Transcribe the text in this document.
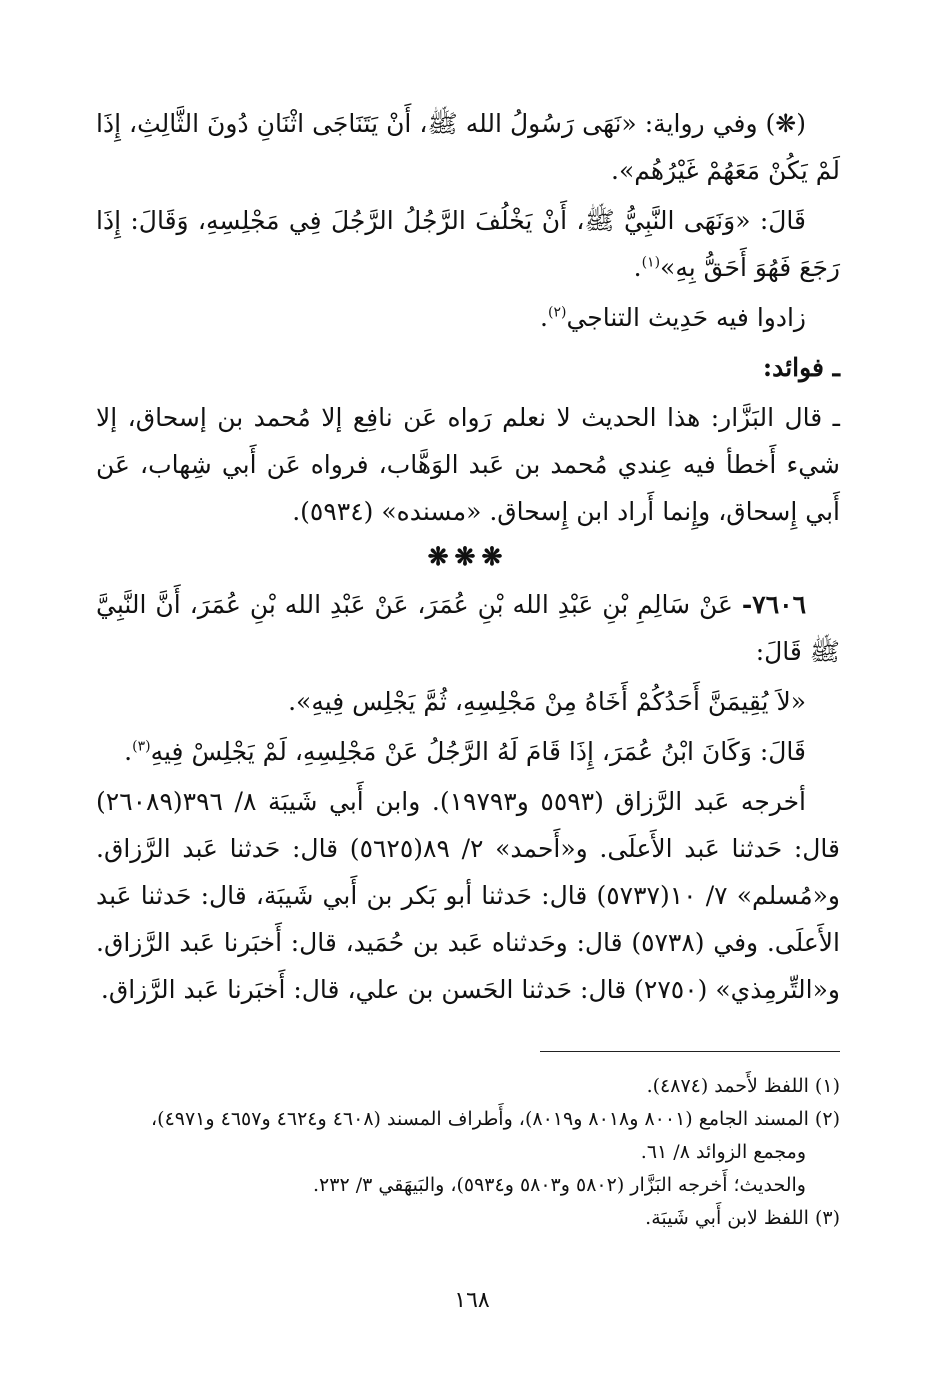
(❋) وفي رواية: «نَهَى رَسُولُ الله ﷺ، أَنْ يَتَنَاجَى اثْنَانِ دُونَ الثَّالِثِ، إِذَا لَمْ يَكُنْ مَعَهُمْ غَيْرُهُم».

قَالَ: «وَنَهَى النَّبِيُّ ﷺ، أَنْ يَخْلُفَ الرَّجُلُ الرَّجُلَ فِي مَجْلِسِهِ، وَقَالَ: إِذَا رَجَعَ فَهُوَ أَحَقُّ بِهِ»$^{(١)}$.

زادوا فيه حَدِيث التناجي$^{(٢)}$.

ـ فوائد:

ـ قال البَزَّار: هذا الحديث لا نعلم رَواه عَن نافِع إلا مُحمد بن إسحاق، إلا شيء أَخطأ فيه عِندي مُحمد بن عَبد الوَهَّاب، فرواه عَن أَبي شِهاب، عَن أَبي إِسحاق، وإِنما أَراد ابن إِسحاق. «مسنده» (٥٩٣٤).

❋❋❋

٧٦٠٦- عَنْ سَالِمِ بْنِ عَبْدِ الله بْنِ عُمَرَ، عَنْ عَبْدِ الله بْنِ عُمَرَ، أَنَّ النَّبِيَّ ﷺ قَالَ:

«لاَ يُقِيمَنَّ أَحَدُكُمْ أَخَاهُ مِنْ مَجْلِسِهِ، ثُمَّ يَجْلِس فِيهِ».

قَالَ: وَكَانَ ابْنُ عُمَرَ، إِذَا قَامَ لَهُ الرَّجُلُ عَنْ مَجْلِسِهِ، لَمْ يَجْلِسْ فِيهِ$^{(٣)}$.

أخرجه عَبد الرَّزاق (٥٥٩٣ و١٩٧٩٣). وابن أَبي شَيبَة ٨/ ٣٩٦(٢٦٠٨٩) قال: حَدثنا عَبد الأَعلَى. و«أَحمد» ٢/ ٨٩(٥٦٢٥) قال: حَدثنا عَبد الرَّزاق. و«مُسلم» ٧/ ١٠(٥٧٣٧) قال: حَدثنا أبو بَكر بن أَبي شَيبَة، قال: حَدثنا عَبد الأَعلَى. وفي (٥٧٣٨) قال: وحَدثناه عَبد بن حُمَيد، قال: أَخبَرنا عَبد الرَّزاق. و«التِّرمِذي» (٢٧٥٠) قال: حَدثنا الحَسن بن علي، قال: أَخبَرنا عَبد الرَّزاق.

(١) اللفظ لأَحمد (٤٨٧٤).

(٢) المسند الجامع (٨٠٠١ و٨٠١٨ و٨٠١٩)، وأَطراف المسند (٤٦٠٨ و٤٦٢٤ و٤٦٥٧ و٤٩٧١)،

ومجمع الزوائد ٨/ ٦١.

والحديث؛ أَخرجه البَزَّار (٥٨٠٢ و٥٨٠٣ و٥٩٣٤)، والبَيهَقي ٣/ ٢٣٢.

(٣) اللفظ لابن أَبي شَيبَة.

١٦٨
